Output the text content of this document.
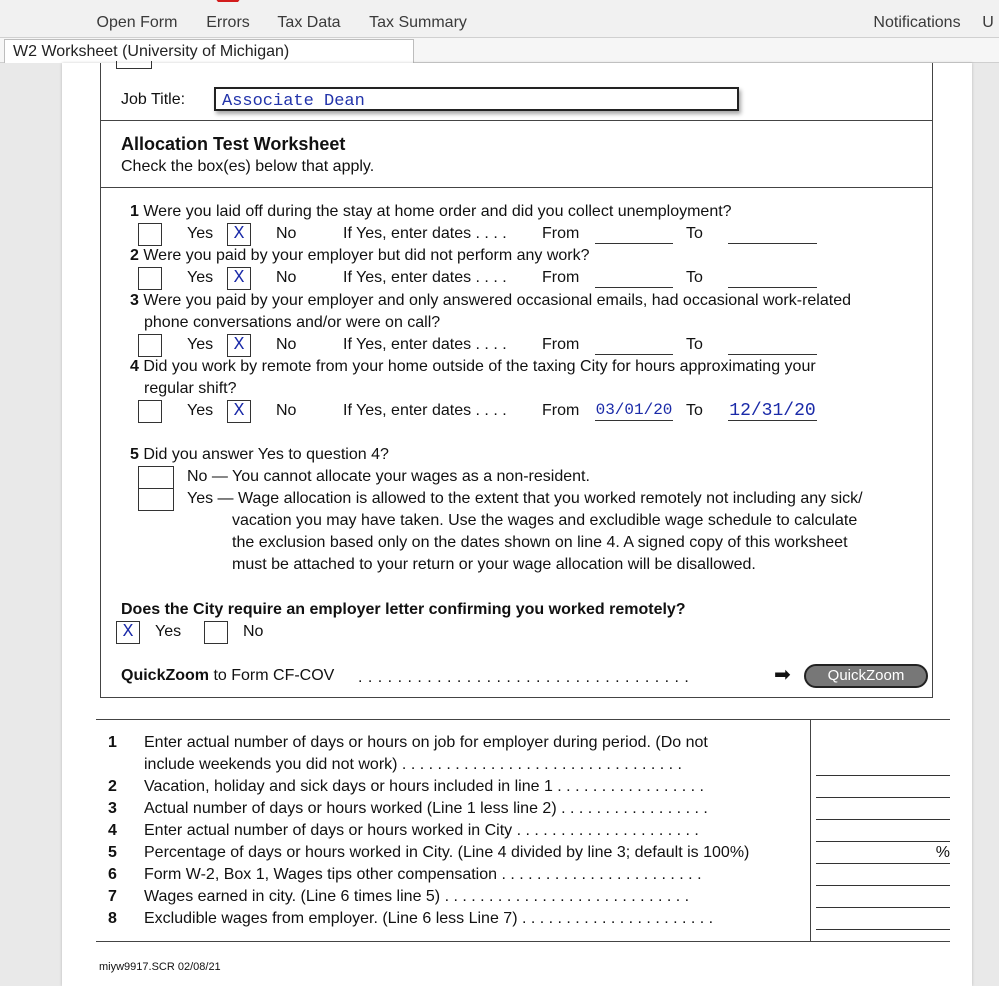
Open Form	Errors	Tax Data	Tax Summary	Notifications	U
W2 Worksheet (University of Michigan)
Job Title:	Associate Dean
Allocation Test Worksheet
Check the box(es) below that apply.
1 Were you laid off during the stay at home order and did you collect unemployment?
Yes	X	No	If Yes, enter dates . . . . From	To
2 Were you paid by your employer but did not perform any work?
Yes	X	No	If Yes, enter dates . . . . From	To
3 Were you paid by your employer and only answered occasional emails, had occasional work-related
phone conversations and/or were on call?
Yes	X	No	If Yes, enter dates . . . . From	To
4 Did you work by remote from your home outside of the taxing City for hours approximating your
regular shift?
Yes	X	No	If Yes, enter dates . . . . From 03/01/20 To 12/31/20
5 Did you answer Yes to question 4?
No — You cannot allocate your wages as a non-resident.
Yes — Wage allocation is allowed to the extent that you worked remotely not including any sick/
vacation you may have taken. Use the wages and excludible wage schedule to calculate
the exclusion based only on the dates shown on line 4. A signed copy of this worksheet
must be attached to your return or your wage allocation will be disallowed.
Does the City require an employer letter confirming you worked remotely?
X	Yes	No
QuickZoom to Form CF-COV . . . . . . . . . . . . . . . . . . . . . . . . . . . . . . . . . .	➡	QuickZoom
1 Enter actual number of days or hours on job for employer during period. (Do not
include weekends you did not work) . . . . . . . . . . . . . . . . . . . . . . . . . . . . . . . .
2 Vacation, holiday and sick days or hours included in line 1 . . . . . . . . . . . . . . . . .
3 Actual number of days or hours worked (Line 1 less line 2) . . . . . . . . . . . . . . . . .
4 Enter actual number of days or hours worked in City . . . . . . . . . . . . . . . . . . . . .
5 Percentage of days or hours worked in City. (Line 4 divided by line 3; default is 100%)	%
6 Form W-2, Box 1, Wages tips other compensation . . . . . . . . . . . . . . . . . . . . . . .
7 Wages earned in city. (Line 6 times line 5) . . . . . . . . . . . . . . . . . . . . . . . . . . . .
8 Excludible wages from employer. (Line 6 less Line 7) . . . . . . . . . . . . . . . . . . . . . .
miyw9917.SCR 02/08/21
